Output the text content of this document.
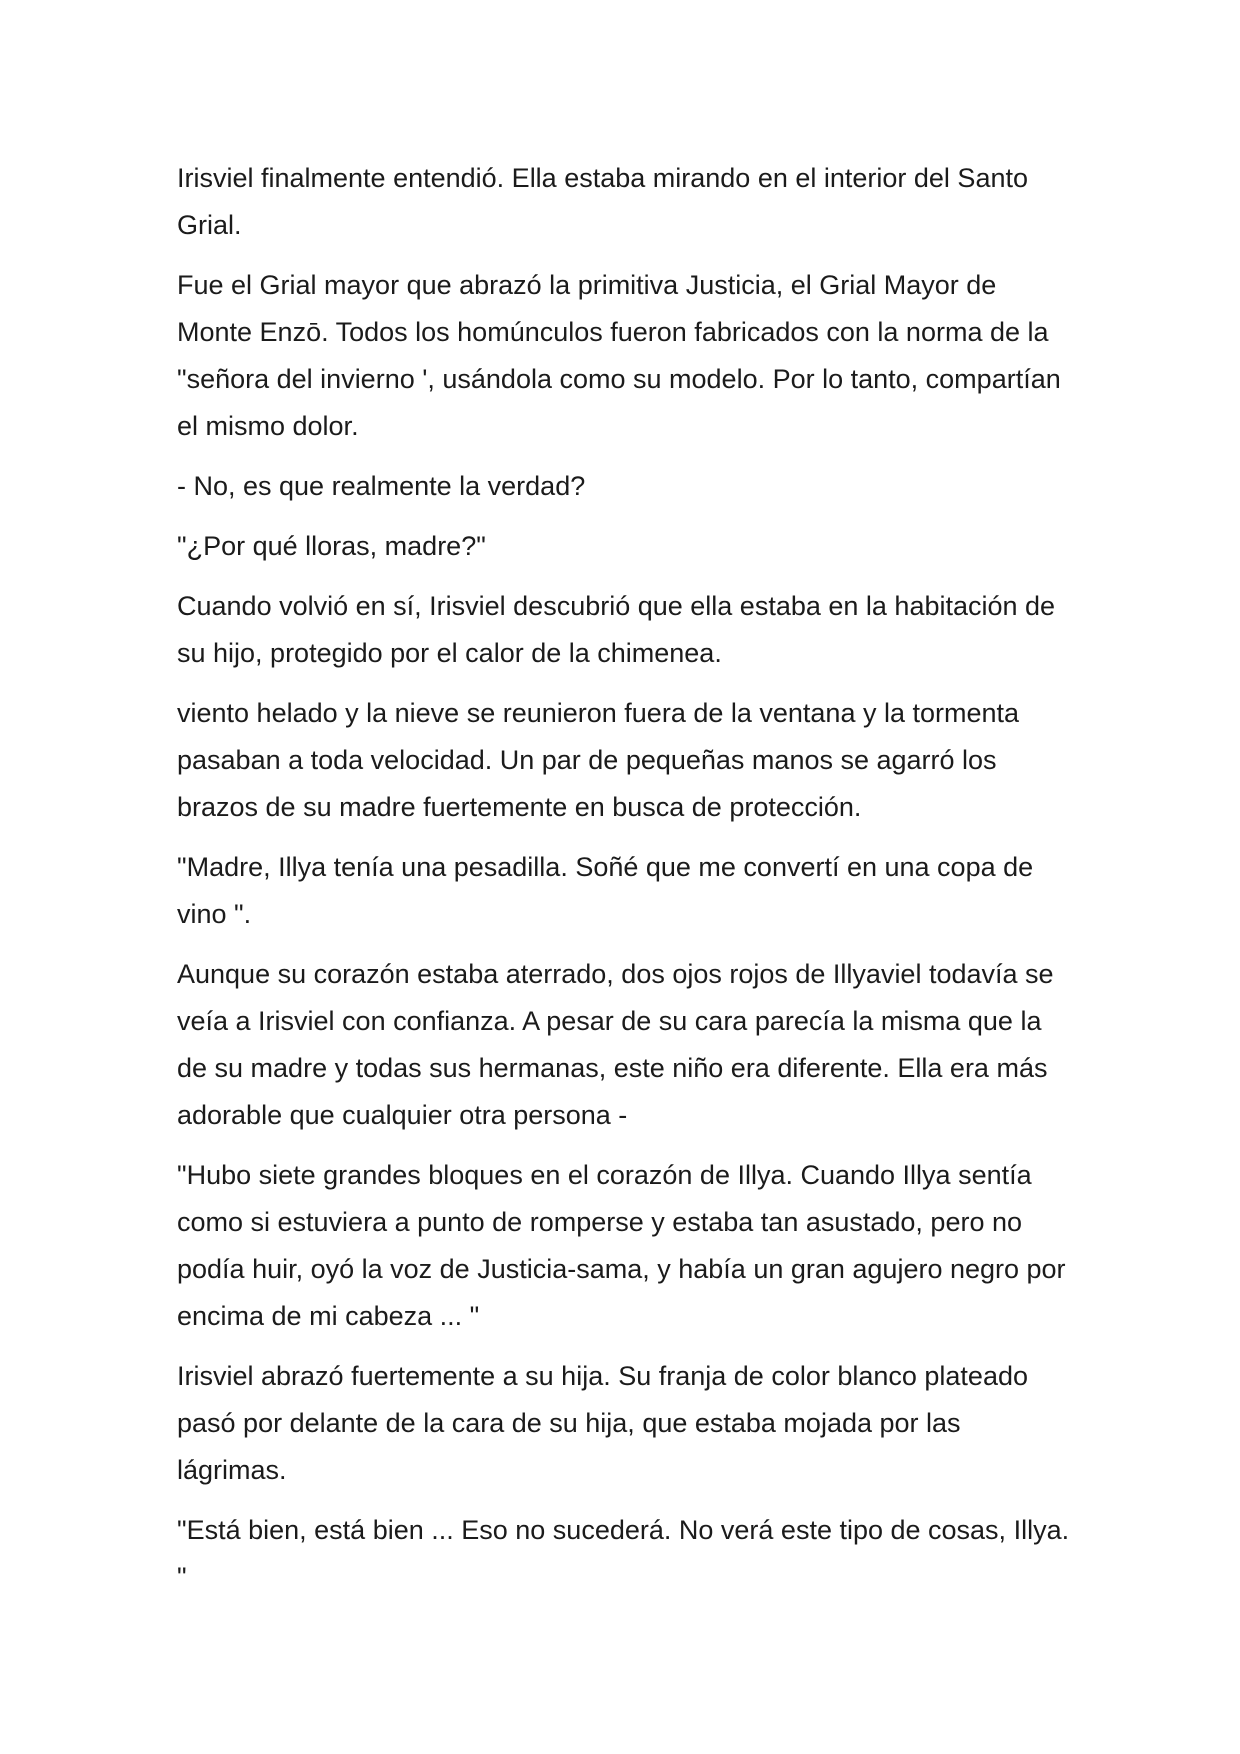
Irisviel finalmente entendió. Ella estaba mirando en el interior del Santo Grial.

Fue el Grial mayor que abrazó la primitiva Justicia, el Grial Mayor de Monte Enzō. Todos los homúnculos fueron fabricados con la norma de la "señora del invierno ', usándola como su modelo. Por lo tanto, compartían el mismo dolor.

- No, es que realmente la verdad?

"¿Por qué lloras, madre?"

Cuando volvió en sí, Irisviel descubrió que ella estaba en la habitación de su hijo, protegido por el calor de la chimenea.

viento helado y la nieve se reunieron fuera de la ventana y la tormenta pasaban a toda velocidad. Un par de pequeñas manos se agarró los brazos de su madre fuertemente en busca de protección.

"Madre, Illya tenía una pesadilla. Soñé que me convertí en una copa de vino ".

Aunque su corazón estaba aterrado, dos ojos rojos de Illyaviel todavía se veía a Irisviel con confianza. A pesar de su cara parecía la misma que la de su madre y todas sus hermanas, este niño era diferente. Ella era más adorable que cualquier otra persona -

"Hubo siete grandes bloques en el corazón de Illya. Cuando Illya sentía como si estuviera a punto de romperse y estaba tan asustado, pero no podía huir, oyó la voz de Justicia-sama, y había un gran agujero negro por encima de mi cabeza ... "

Irisviel abrazó fuertemente a su hija. Su franja de color blanco plateado pasó por delante de la cara de su hija, que estaba mojada por las lágrimas.

"Está bien, está bien ... Eso no sucederá. No verá este tipo de cosas, Illya. "
